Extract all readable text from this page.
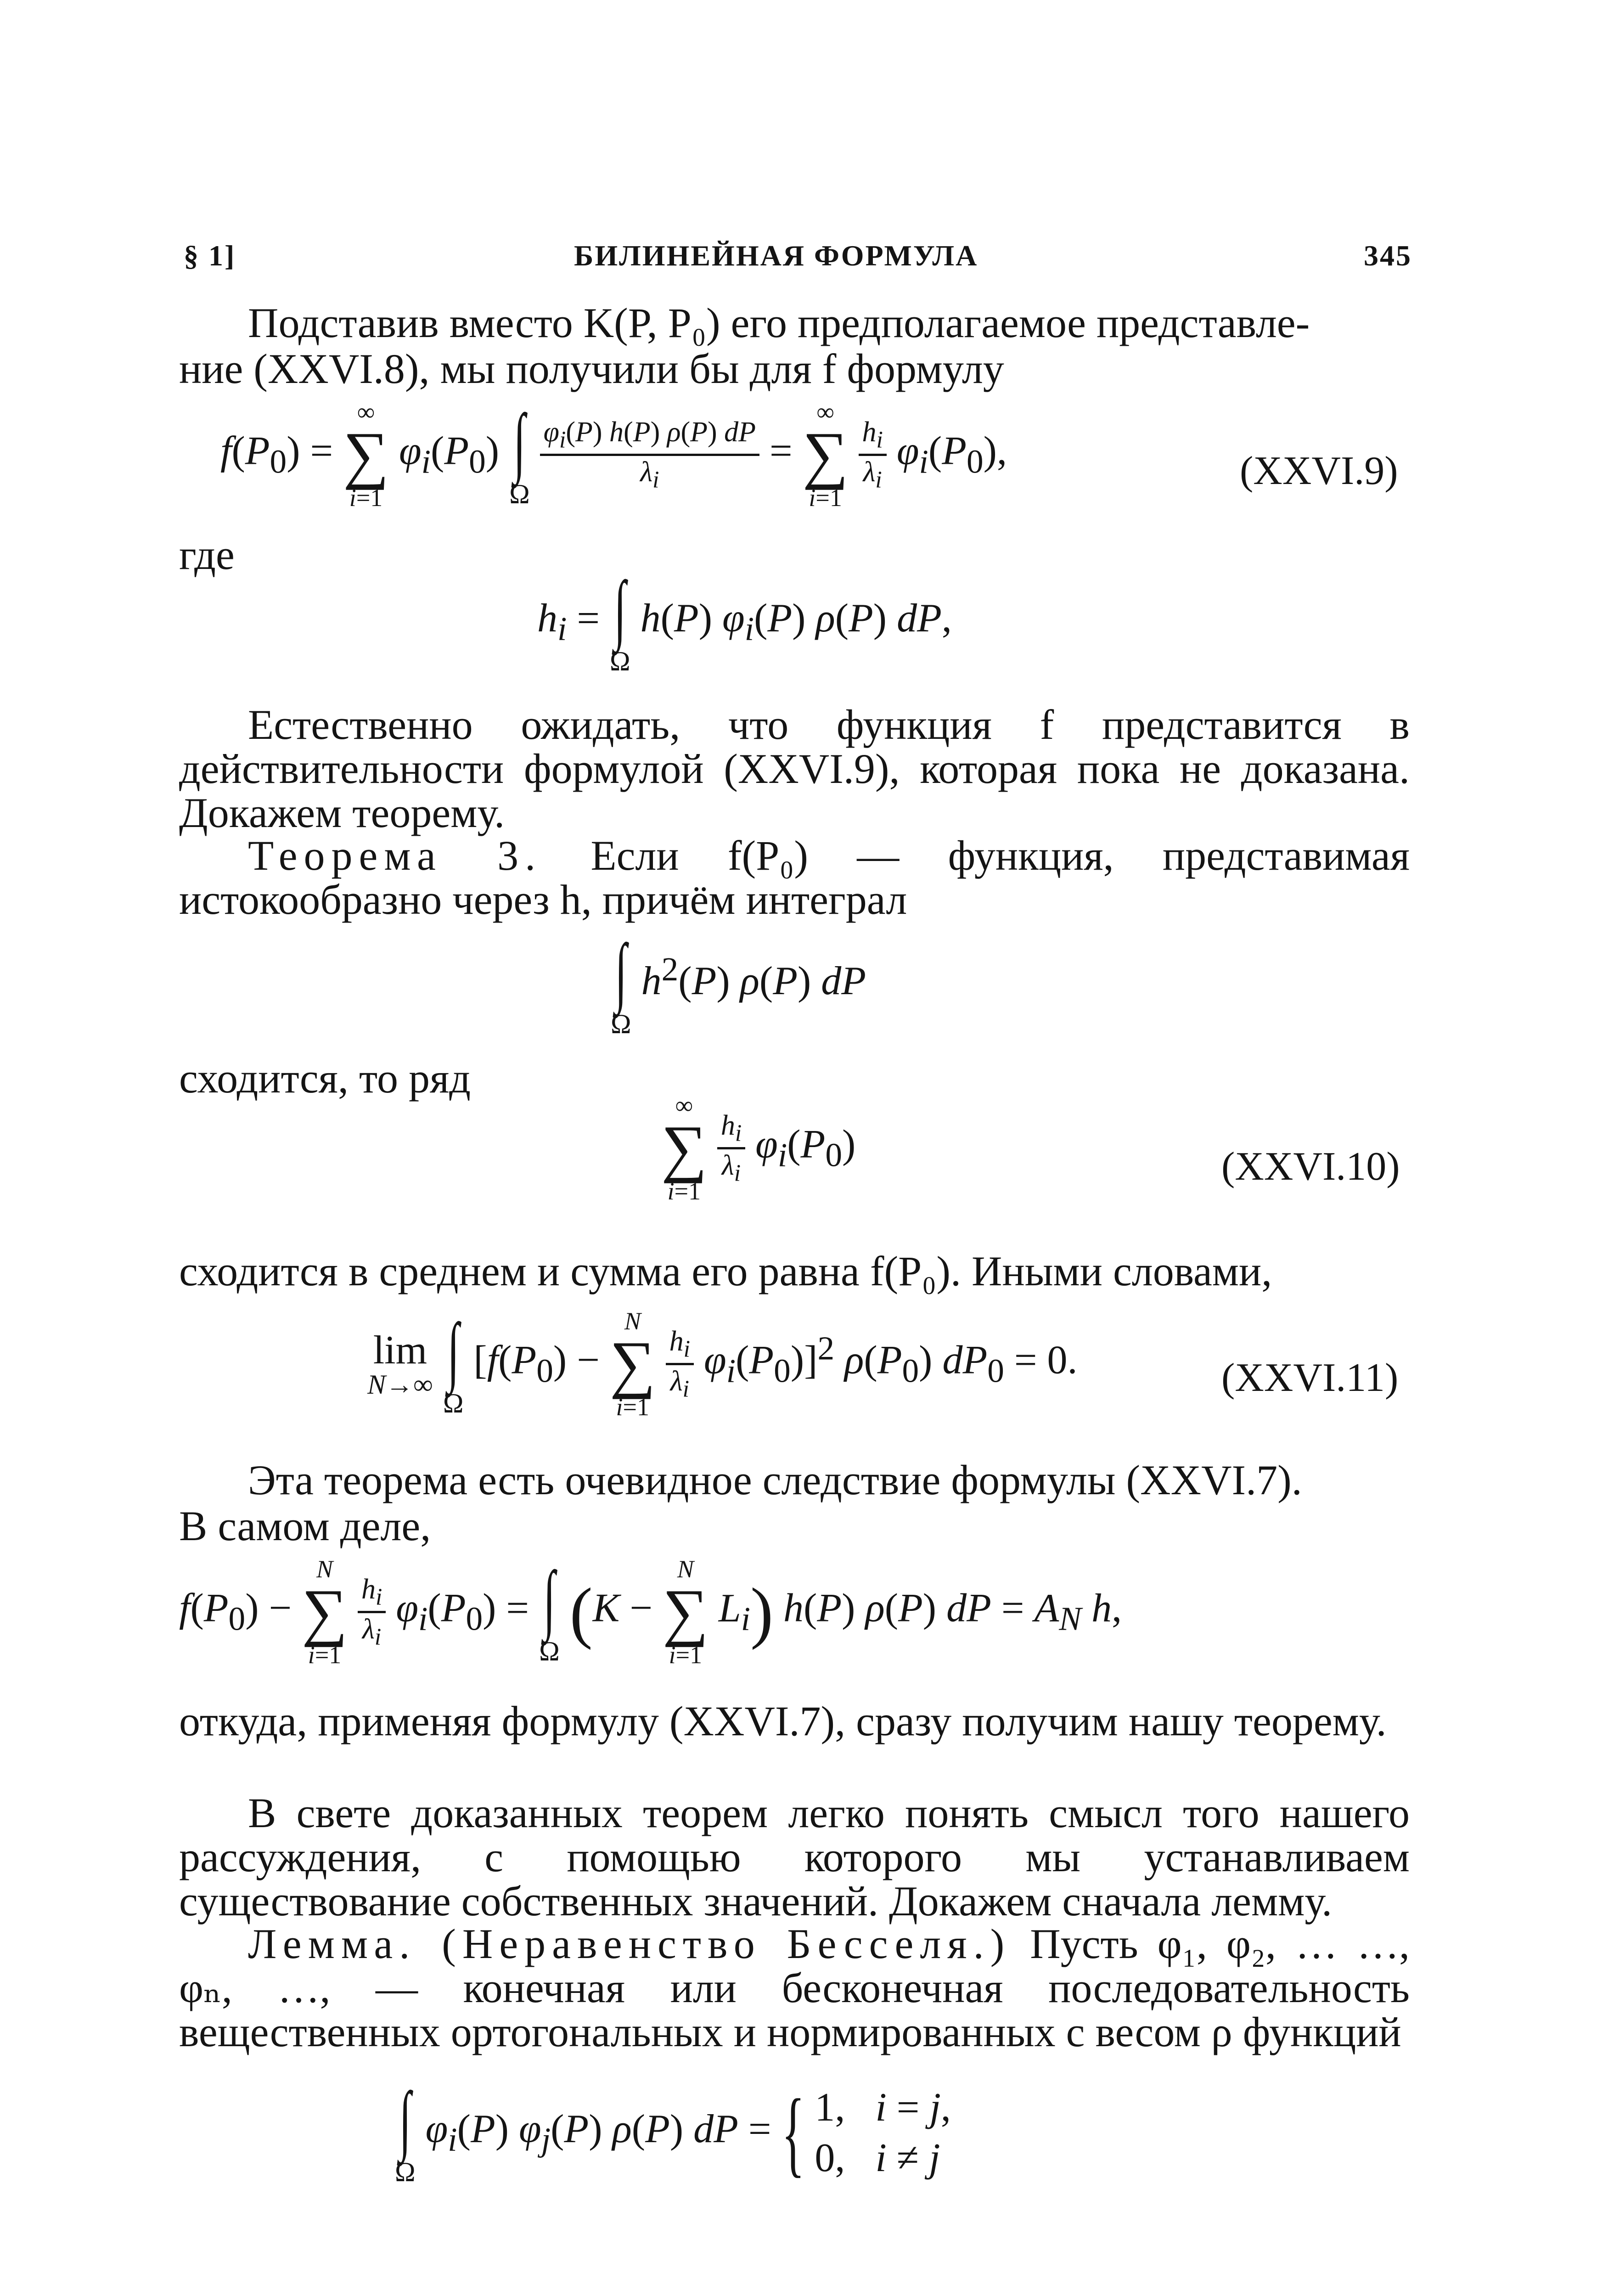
§ 1]	БИЛИНЕЙНАЯ ФОРМУЛА	345
Подставив вместо K(P, P₀) его предполагаемое представле-
ние (XXVI.8), мы получили бы для f формулу
$f(P_0)$ =
∞
∑
i=1
$\varphi_i(P_0)$ ∫
Ω

$\frac{\varphi_i(P) h(P) \rho(P) dP}{\lambda_i}$ =
∞
∑
i=1

$\frac{h_i}{\lambda_i} \varphi_i(P_0)$,	(XXVI.9)
где
$h_i$ = ∫
Ω
h(P) $\varphi_i(P)$ ρ(P) dP,
Естественно ожидать, что функция f представится в действительности формулой (XXVI.9), которая пока не доказана. Докажем теорему.
Теорема 3. Если f(P₀) — функция, представимая истокообразно через h, причём интеграл
∫
Ω
$h^2(P)$ ρ(P) dP
сходится, то ряд
∞
∑
i=1

$\frac{h_i}{\lambda_i} \varphi_i(P_0)$	(XXVI.10)
сходится в среднем и сумма его равна f(P₀). Иными словами,
lim
N→∞ ∫
Ω
[$f(P_0)$ −
N
∑
i=1

$\frac{h_i}{\lambda_i} \varphi_i(P_0)]^2$ $\rho(P_0) dP_0 = 0$.	(XXVI.11)
Эта теорема есть очевидное следствие формулы (XXVI.7).
В самом деле,
$f(P_0)$ −
N
∑
i=1

$\frac{h_i}{\lambda_i} \varphi_i(P_0)$ = ∫
Ω
(K −
N
∑
i=1
$L_i$) h(P) ρ(P) dP = $A_N$ h,
откуда, применяя формулу (XXVI.7), сразу получим нашу теорему.
В свете доказанных теорем легко понять смысл того нашего рассуждения, с помощью которого мы устанавливаем существование собственных значений. Докажем сначала лемму.
Лемма. (Неравенство Бесселя.) Пусть φ₁, φ₂, … …, φₙ, …, — конечная или бесконечная последовательность вещественных ортогональных и нормированных с весом ρ функций
∫
Ω
$\varphi_i(P)$ $\varphi_j(P)$ ρ(P) dP = { 1,   i = j,
0,   i ≠ j
